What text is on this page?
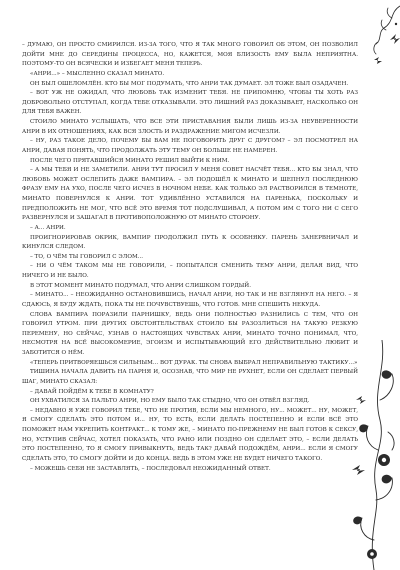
– ДУМАЮ, ОН ПРОСТО СМИРИЛСЯ. ИЗ-ЗА ТОГО, ЧТО Я ТАК МНОГО ГОВОРИЛ ОБ ЭТОМ, ОН ПОЗВОЛИЛ ДОЙТИ МНЕ ДО СЕРЕДИНЫ ПРОЦЕССА, НО, КАЖЕТСЯ, МОЯ БЛИЗОСТЬ ЕМУ БЫЛА НЕПРИЯТНА. ПОЭТОМУ-ТО ОН ВСЯЧЕСКИ И ИЗБЕГАЕТ МЕНЯ ТЕПЕРЬ.

«АНРИ...» – МЫСЛЕННО СКАЗАЛ МИНАТО.

ОН БЫЛ ОШЕЛОМЛЁН. КТО БЫ МОГ ПОДУМАТЬ, ЧТО АНРИ ТАК ДУМАЕТ. ЭЛ ТОЖЕ БЫЛ ОЗАДАЧЕН.

– ВОТ УЖ НЕ ОЖИДАЛ, ЧТО ЛЮБОВЬ ТАК ИЗМЕНИТ ТЕБЯ. НЕ ПРИПОМНЮ, ЧТОБЫ ТЫ ХОТЬ РАЗ ДОБРОВОЛЬНО ОТСТУПАЛ, КОГДА ТЕБЕ ОТКАЗЫВАЛИ. ЭТО ЛИШНИЙ РАЗ ДОКАЗЫВАЕТ, НАСКОЛЬКО ОН ДЛЯ ТЕБЯ ВАЖЕН.

СТОИЛО МИНАТО УСЛЫШАТЬ, ЧТО ВСЕ ЭТИ ПРИСТАВАНИЯ БЫЛИ ЛИШЬ ИЗ-ЗА НЕУВЕРЕННОСТИ АНРИ В ИХ ОТНОШЕНИЯХ, КАК ВСЯ ЗЛОСТЬ И РАЗДРАЖЕНИЕ МИГОМ ИСЧЕЗЛИ.

– НУ, РАЗ ТАКОЕ ДЕЛО, ПОЧЕМУ БЫ ВАМ НЕ ПОГОВОРИТЬ ДРУГ С ДРУГОМ? – ЭЛ ПОСМОТРЕЛ НА АНРИ, ДАВАЯ ПОНЯТЬ, ЧТО ПРОДОЛЖАТЬ ЭТУ ТЕМУ ОН БОЛЬШЕ НЕ НАМЕРЕН.

ПОСЛЕ ЧЕГО ПРЯТАВШИЙСЯ МИНАТО РЕШИЛ ВЫЙТИ К НИМ.

– А МЫ ТЕБЯ И НЕ ЗАМЕТИЛИ. АНРИ ТУТ ПРОСИЛ У МЕНЯ СОВЕТ НАСЧЁТ ТЕБЯ... КТО БЫ ЗНАЛ, ЧТО ЛЮБОВЬ МОЖЕТ ОСЛЕПИТЬ ДАЖЕ ВАМПИРА. – ЭЛ ПОДОШЁЛ К МИНАТО И ШЕПНУЛ ПОСЛЕДНЮЮ ФРАЗУ ЕМУ НА УХО, ПОСЛЕ ЧЕГО ИСЧЕЗ В НОЧНОМ НЕБЕ. КАК ТОЛЬКО ЭЛ РАСТВОРИЛСЯ В ТЕМНОТЕ, МИНАТО ПОВЕРНУЛСЯ К АНРИ. ТОТ УДИВЛЁННО УСТАВИЛСЯ НА ПАРЕНЬКА, ПОСКОЛЬКУ И ПРЕДПОЛОЖИТЬ НЕ МОГ, ЧТО ВСЁ ЭТО ВРЕМЯ ТОТ ПОДСЛУШИВАЛ, А ПОТОМ ИМ С ТОГО НИ С СЕГО РАЗВЕРНУЛСЯ И ЗАШАГАЛ В ПРОТИВОПОЛОЖНУЮ ОТ МИНАТО СТОРОНУ.

– А... АНРИ.

ПРОИГНОРИРОВАВ ОКРИК, ВАМПИР ПРОДОЛЖИЛ ПУТЬ К ОСОБНЯКУ. ПАРЕНЬ ЗАНЕРВНИЧАЛ И КИНУЛСЯ СЛЕДОМ.

– ТО, О ЧЁМ ТЫ ГОВОРИЛ С ЭЛОМ...

– НИ О ЧЁМ ТАКОМ МЫ НЕ ГОВОРИЛИ, – ПОПЫТАЛСЯ СМЕНИТЬ ТЕМУ АНРИ, ДЕЛАЯ ВИД, ЧТО НИЧЕГО И НЕ БЫЛО.

В ЭТОТ МОМЕНТ МИНАТО ПОДУМАЛ, ЧТО АНРИ СЛИШКОМ ГОРДЫЙ.

– МИНАТО... – НЕОЖИДАННО ОСТАНОВИВШИСЬ, НАЧАЛ АНРИ, НО ТАК И НЕ ВЗГЛЯНУЛ НА НЕГО. – Я СДАЮСЬ, Я БУДУ ЖДАТЬ, ПОКА ТЫ НЕ ПОЧУВСТВУЕШЬ, ЧТО ГОТОВ. МНЕ СПЕШИТЬ НЕКУДА.

СЛОВА ВАМПИРА ПОРАЗИЛИ ПАРНИШКУ, ВЕДЬ ОНИ ПОЛНОСТЬЮ РАЗНИЛИСЬ С ТЕМ, ЧТО ОН ГОВОРИЛ УТРОМ. ПРИ ДРУГИХ ОБСТОЯТЕЛЬСТВАХ СТОИЛО БЫ РАЗОЗЛИТЬСЯ НА ТАКУЮ РЕЗКУЮ ПЕРЕМЕНУ, НО СЕЙЧАС, УЗНАВ О НАСТОЯЩИХ ЧУВСТВАХ АНРИ, МИНАТО ТОЧНО ПОНИМАЛ, ЧТО, НЕСМОТРЯ НА ВСЁ ВЫСОКОМЕРИЕ, ЭГОИЗМ И ИСПЫТЫВАЮЩИЙ ЕГО ДЕЙСТВИТЕЛЬНО ЛЮБИТ И ЗАБОТИТСЯ О НЁМ.

«ТЕПЕРЬ ПРИТВОРЯЕШЬСЯ СИЛЬНЫМ... ВОТ ДУРАК. ТЫ СНОВА ВЫБРАЛ НЕПРАВИЛЬНУЮ ТАКТИКУ...»

ТИШИНА НАЧАЛА ДАВИТЬ НА ПАРНЯ И, ОСОЗНАВ, ЧТО МИР НЕ РУХНЕТ, ЕСЛИ ОН СДЕЛАЕТ ПЕРВЫЙ ШАГ, МИНАТО СКАЗАЛ:

– ДАВАЙ ПОЙДЁМ К ТЕБЕ В КОМНАТУ?

ОН УХВАТИЛСЯ ЗА ПАЛЬТО АНРИ, НО ЕМУ БЫЛО ТАК СТЫДНО, ЧТО ОН ОТВЁЛ ВЗГЛЯД.

– НЕДАВНО Я УЖЕ ГОВОРИЛ ТЕБЕ, ЧТО НЕ ПРОТИВ, ЕСЛИ МЫ НЕМНОГО, НУ... МОЖЕТ... НУ, МОЖЕТ, Я СМОГУ СДЕЛАТЬ ЭТО ПОТОМ И... НУ, ТО ЕСТЬ, ЕСЛИ ДЕЛАТЬ ПОСТЕПЕННО И ЕСЛИ ВСЁ ЭТО ПОМОЖЕТ НАМ УКРЕПИТЬ КОНТРАКТ... К ТОМУ ЖЕ, – МИНАТО ПО-ПРЕЖНЕМУ НЕ БЫЛ ГОТОВ К СЕКСУ, НО, УСТУПИВ СЕЙЧАС, ХОТЕЛ ПОКАЗАТЬ, ЧТО РАНО ИЛИ ПОЗДНО ОН СДЕЛАЕТ ЭТО, – ЕСЛИ ДЕЛАТЬ ЭТО ПОСТЕПЕННО, ТО Я СМОГУ ПРИВЫКНУТЬ, ВЕДЬ ТАК? ДАВАЙ ПОДОЖДЁМ, АНРИ... ЕСЛИ Я СМОГУ СДЕЛАТЬ ЭТО, ТО СМОГУ ДОЙТИ И ДО КОНЦА. ВЕДЬ В ЭТОМ УЖЕ НЕ БУДЕТ НИЧЕГО ТАКОГО.

– МОЖЕШЬ СЕБЯ НЕ ЗАСТАВЛЯТЬ, – ПОСЛЕДОВАЛ НЕОЖИДАННЫЙ ОТВЕТ.
